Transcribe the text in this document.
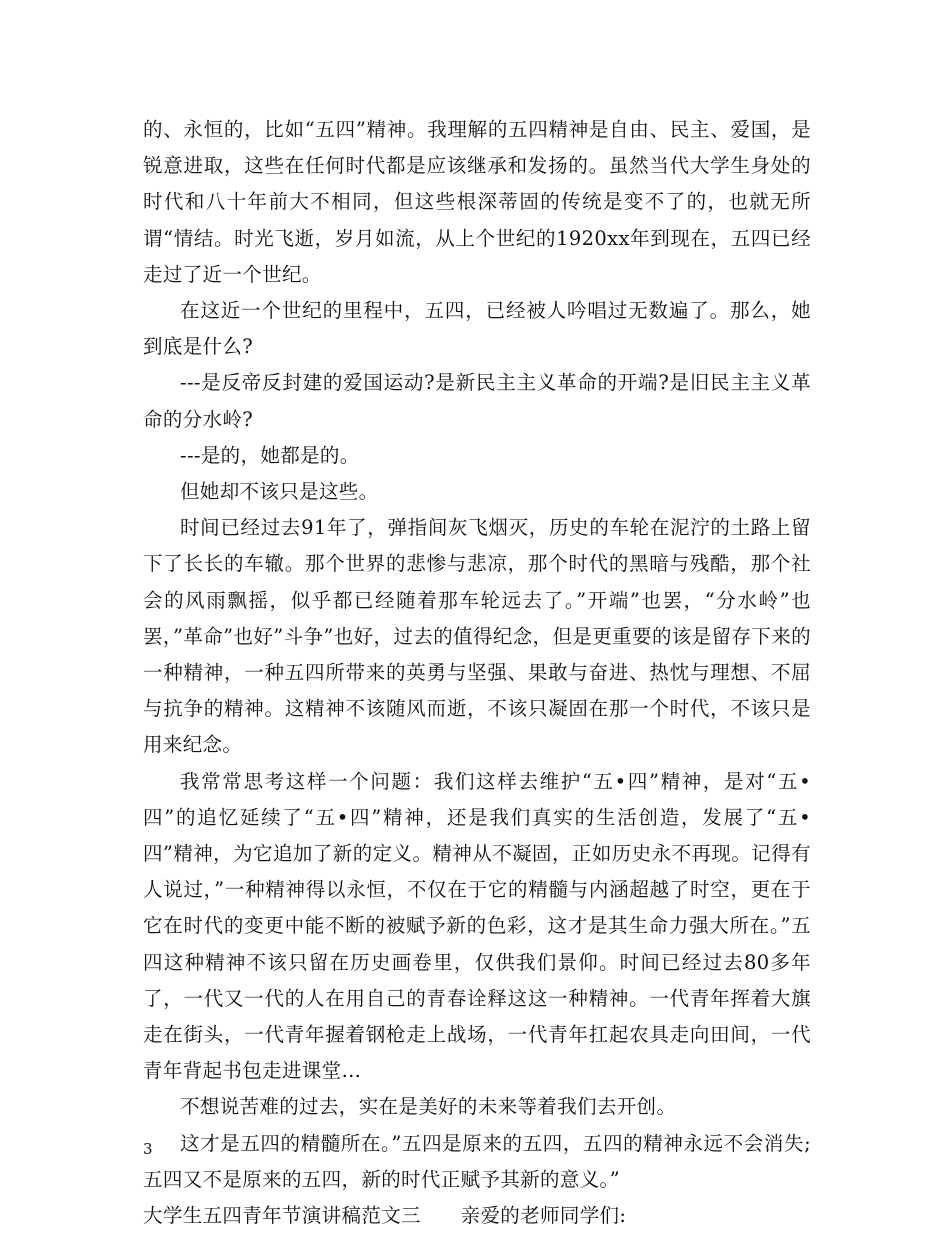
的、永恒的，比如“五四”精神。我理解的五四精神是自由、民主、爱国，是锐意进取，这些在任何时代都是应该继承和发扬的。虽然当代大学生身处的时代和八十年前大不相同，但这些根深蒂固的传统是变不了的，也就无所谓“情结。时光飞逝，岁月如流，从上个世纪的1920xx年到现在，五四已经走过了近一个世纪。

在这近一个世纪的里程中，五四，已经被人吟唱过无数遍了。那么，她到底是什么?

---是反帝反封建的爱国运动?是新民主主义革命的开端?是旧民主主义革命的分水岭?

---是的，她都是的。

但她却不该只是这些。

时间已经过去91年了，弹指间灰飞烟灭，历史的车轮在泥泞的土路上留下了长长的车辙。那个世界的悲惨与悲凉，那个时代的黑暗与残酷，那个社会的风雨飘摇，似乎都已经随着那车轮远去了。”开端”也罢，“分水岭”也罢，”革命”也好”斗争”也好，过去的值得纪念，但是更重要的该是留存下来的一种精神，一种五四所带来的英勇与坚强、果敢与奋进、热忱与理想、不屈与抗争的精神。这精神不该随风而逝，不该只凝固在那一个时代，不该只是用来纪念。

我常常思考这样一个问题：我们这样去维护“五•四”精神，是对“五•四”的追忆延续了“五•四”精神，还是我们真实的生活创造，发展了“五•四”精神，为它追加了新的定义。精神从不凝固，正如历史永不再现。记得有人说过，”一种精神得以永恒，不仅在于它的精髓与内涵超越了时空，更在于它在时代的变更中能不断的被赋予新的色彩，这才是其生命力强大所在。”五四这种精神不该只留在历史画卷里，仅供我们景仰。时间已经过去80多年了，一代又一代的人在用自己的青春诠释这这一种精神。一代青年挥着大旗走在街头，一代青年握着钢枪走上战场，一代青年扛起农具走向田间，一代青年背起书包走进课堂…

不想说苦难的过去，实在是美好的未来等着我们去开创。

这才是五四的精髓所在。”五四是原来的五四，五四的精神永远不会消失;五四又不是原来的五四，新的时代正赋予其新的意义。”

大学生五四青年节演讲稿范文三　　亲爱的老师同学们:

3
